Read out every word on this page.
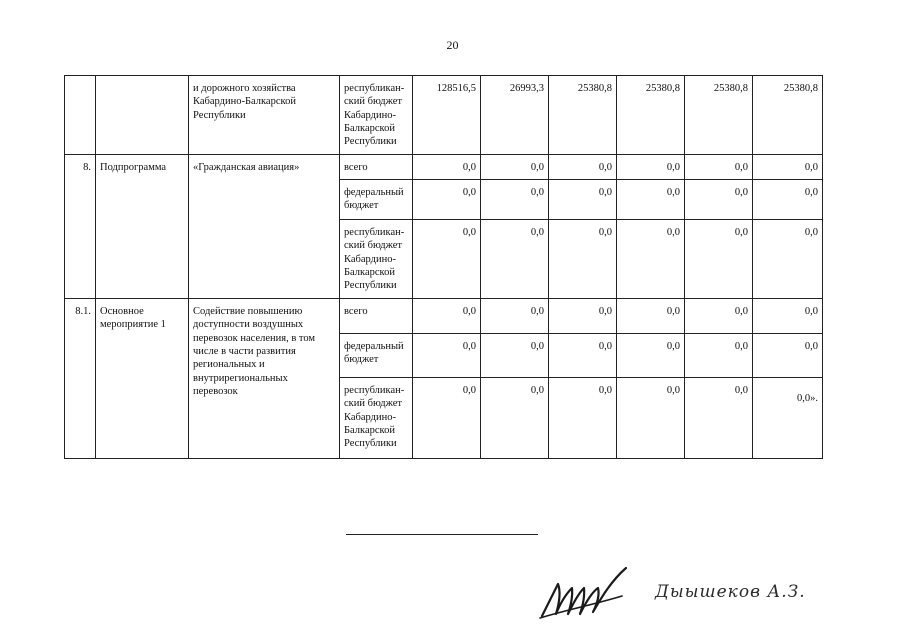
20
		и дорожного хозяйства Кабардино-Балкарской Республики	республикан-ский бюджет Кабардино-Балкарской Республики	128516,5	26993,3	25380,8	25380,8	25380,8	25380,8
8.	Подпрограмма	«Гражданская авиация»	всего	0,0	0,0	0,0	0,0	0,0	0,0
			федеральный бюджет	0,0	0,0	0,0	0,0	0,0	0,0
			республикан-ский бюджет Кабардино-Балкарской Республики	0,0	0,0	0,0	0,0	0,0	0,0
8.1.	Основное мероприятие 1	Содействие повышению доступности воздушных перевозок населения, в том числе в части развития региональных и внутрирегиональных перевозок	всего	0,0	0,0	0,0	0,0	0,0	0,0
			федеральный бюджет	0,0	0,0	0,0	0,0	0,0	0,0
			республикан-ский бюджет Кабардино-Балкарской Республики	0,0	0,0	0,0	0,0	0,0	0,0».
Дыышеков А.З.
